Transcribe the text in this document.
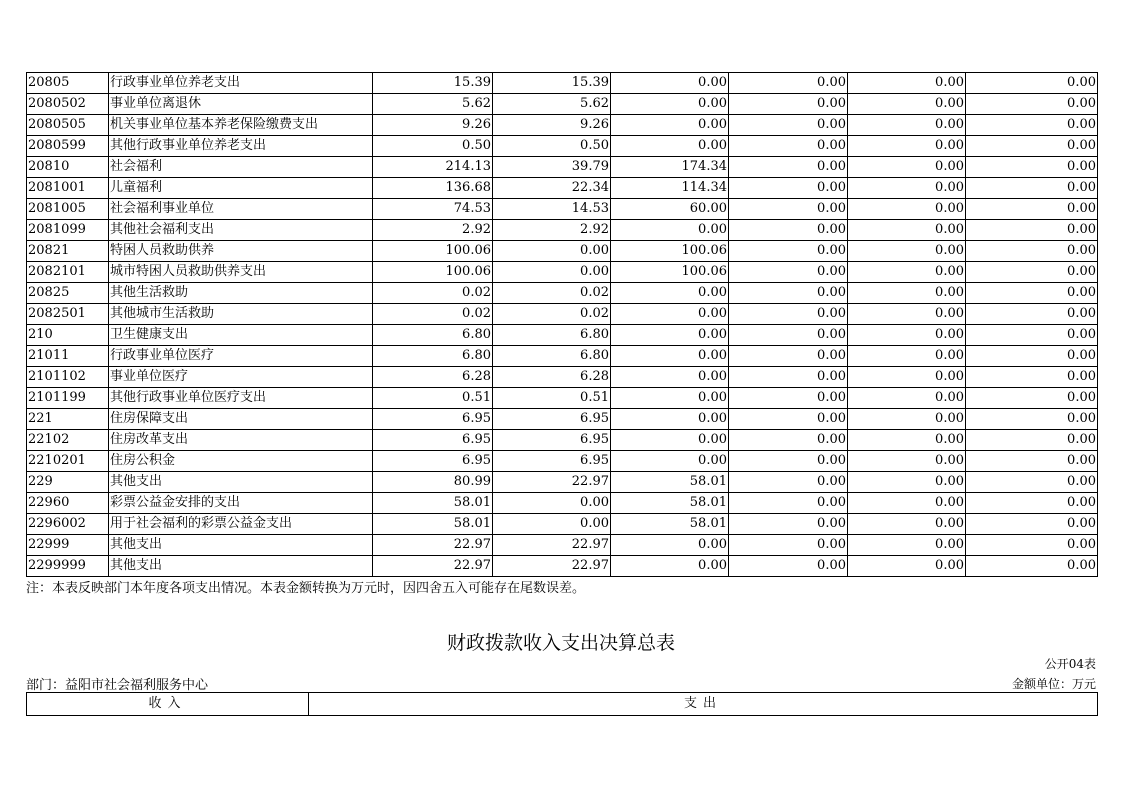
20805	行政事业单位养老支出	15.39	15.39	0.00	0.00	0.00	0.00
2080502	事业单位离退休	5.62	5.62	0.00	0.00	0.00	0.00
2080505	机关事业单位基本养老保险缴费支出	9.26	9.26	0.00	0.00	0.00	0.00
2080599	其他行政事业单位养老支出	0.50	0.50	0.00	0.00	0.00	0.00
20810	社会福利	214.13	39.79	174.34	0.00	0.00	0.00
2081001	儿童福利	136.68	22.34	114.34	0.00	0.00	0.00
2081005	社会福利事业单位	74.53	14.53	60.00	0.00	0.00	0.00
2081099	其他社会福利支出	2.92	2.92	0.00	0.00	0.00	0.00
20821	特困人员救助供养	100.06	0.00	100.06	0.00	0.00	0.00
2082101	城市特困人员救助供养支出	100.06	0.00	100.06	0.00	0.00	0.00
20825	其他生活救助	0.02	0.02	0.00	0.00	0.00	0.00
2082501	其他城市生活救助	0.02	0.02	0.00	0.00	0.00	0.00
210	卫生健康支出	6.80	6.80	0.00	0.00	0.00	0.00
21011	行政事业单位医疗	6.80	6.80	0.00	0.00	0.00	0.00
2101102	事业单位医疗	6.28	6.28	0.00	0.00	0.00	0.00
2101199	其他行政事业单位医疗支出	0.51	0.51	0.00	0.00	0.00	0.00
221	住房保障支出	6.95	6.95	0.00	0.00	0.00	0.00
22102	住房改革支出	6.95	6.95	0.00	0.00	0.00	0.00
2210201	住房公积金	6.95	6.95	0.00	0.00	0.00	0.00
229	其他支出	80.99	22.97	58.01	0.00	0.00	0.00
22960	彩票公益金安排的支出	58.01	0.00	58.01	0.00	0.00	0.00
2296002	用于社会福利的彩票公益金支出	58.01	0.00	58.01	0.00	0.00	0.00
22999	其他支出	22.97	22.97	0.00	0.00	0.00	0.00
2299999	其他支出	22.97	22.97	0.00	0.00	0.00	0.00
注：本表反映部门本年度各项支出情况。本表金额转换为万元时，因四舍五入可能存在尾数误差。
财政拨款收入支出决算总表
公开04表
部门：益阳市社会福利服务中心	金额单位：万元
收入	支出
